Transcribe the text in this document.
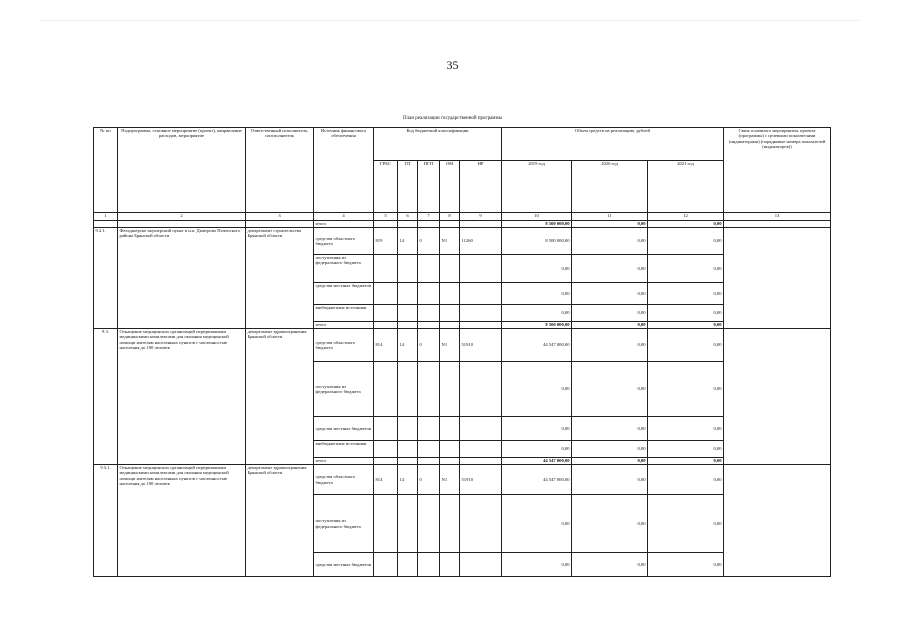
35
План реализации государственной программы
№ пп	Подпрограмма, основное мероприятие (проект), направление расходов, мероприятие	Ответственный исполнитель, соисполнитель	Источник финансового обеспечения	Код бюджетной классификации					Объем средств на реализацию, рублей			Связь основного мероприятия, проекта (программы) с целевыми показателями (индикаторами) (порядковые номера показателей (индикаторов))
				ГРБС	ГП	ПГП	ОМ	НР	2019 год	2020 год	2021 год	
1	2	3	4	5	6	7	8	9	10	11	12	13
			итого						8 500 000,00	0,00	0,00	
9.2.1.	Фельдшерско-акушерский пункт в н.п. Дмитрово Почепского района Брянской области	департамент строительства Брянской области	средства областного бюджета	819	14	0	N1	11260	8 500 000,00	0,00	0,00	
			поступления из федерального бюджета						0,00	0,00	0,00	
			средства местных бюджетов						0,00	0,00	0,00	
			внебюджетные источники						0,00	0,00	0,00	
			итого						8 500 000,00	0,00	0,00	
9.3.	Оснащение медицинских организаций передвижными медицинскими комплексами для оказания медицинской помощи жителям населенных пунктов с численностью населения до 100 человек	департамент здравоохранения Брянской области	средства областного бюджета	814	14	0	N1	51910	44 547 000,00	0,00	0,00	
			поступления из федерального бюджета						0,00	0,00	0,00	
			средства местных бюджетов						0,00	0,00	0,00	
			внебюджетные источники						0,00	0,00	0,00	
			итого						44 547 000,00	0,00	0,00	
9.3.1.	Оснащение медицинских организаций передвижными медицинскими комплексами для оказания медицинской помощи жителям населенных пунктов с численностью населения до 100 человек	департамент здравоохранения Брянской области	средства областного бюджета	814	14	0	N1	51910	44 547 000,00	0,00	0,00	
			поступления из федерального бюджета						0,00	0,00	0,00	
			средства местных бюджетов						0,00	0,00	0,00	
